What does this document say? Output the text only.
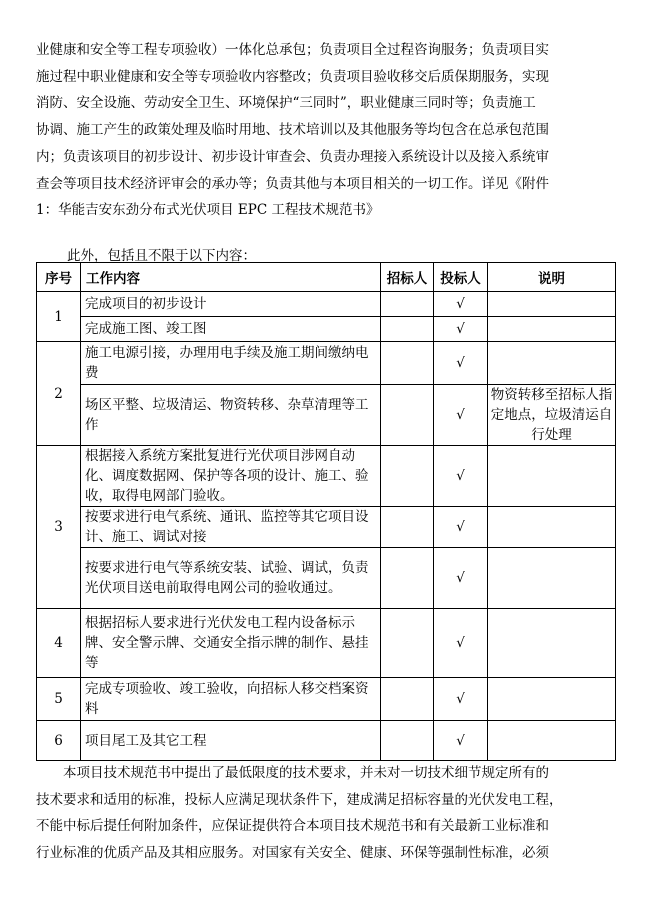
业健康和安全等工程专项验收）一体化总承包；负责项目全过程咨询服务；负责项目实
施过程中职业健康和安全等专项验收内容整改；负责项目验收移交后质保期服务，实现
消防、安全设施、劳动安全卫生、环境保护“三同时”，职业健康三同时等；负责施工
协调、施工产生的政策处理及临时用地、技术培训以及其他服务等均包含在总承包范围
内；负责该项目的初步设计、初步设计审查会、负责办理接入系统设计以及接入系统审
查会等项目技术经济评审会的承办等；负责其他与本项目相关的一切工作。详见《附件
1：华能吉安东劲分布式光伏项目 EPC 工程技术规范书》
此外，包括且不限于以下内容：
序号	工作内容	招标人	投标人	说明
1	完成项目的初步设计		√	
	完成施工图、竣工图		√	
2	施工电源引接，办理用电手续及施工期间缴纳电费		√	
	场区平整、垃圾清运、物资转移、杂草清理等工作		√	物资转移至招标人指定地点，垃圾清运自行处理
3	根据接入系统方案批复进行光伏项目涉网自动化、调度数据网、保护等各项的设计、施工、验收，取得电网部门验收。		√	
	按要求进行电气系统、通讯、监控等其它项目设计、施工、调试对接		√	
	按要求进行电气等系统安装、试验、调试，负责光伏项目送电前取得电网公司的验收通过。		√	
4	根据招标人要求进行光伏发电工程内设备标示牌、安全警示牌、交通安全指示牌的制作、悬挂等		√	
5	完成专项验收、竣工验收，向招标人移交档案资料		√	
6	项目尾工及其它工程		√	
本项目技术规范书中提出了最低限度的技术要求，并未对一切技术细节规定所有的
技术要求和适用的标准，投标人应满足现状条件下，建成满足招标容量的光伏发电工程，
不能中标后提任何附加条件，应保证提供符合本项目技术规范书和有关最新工业标准和
行业标准的优质产品及其相应服务。对国家有关安全、健康、环保等强制性标准，必须
